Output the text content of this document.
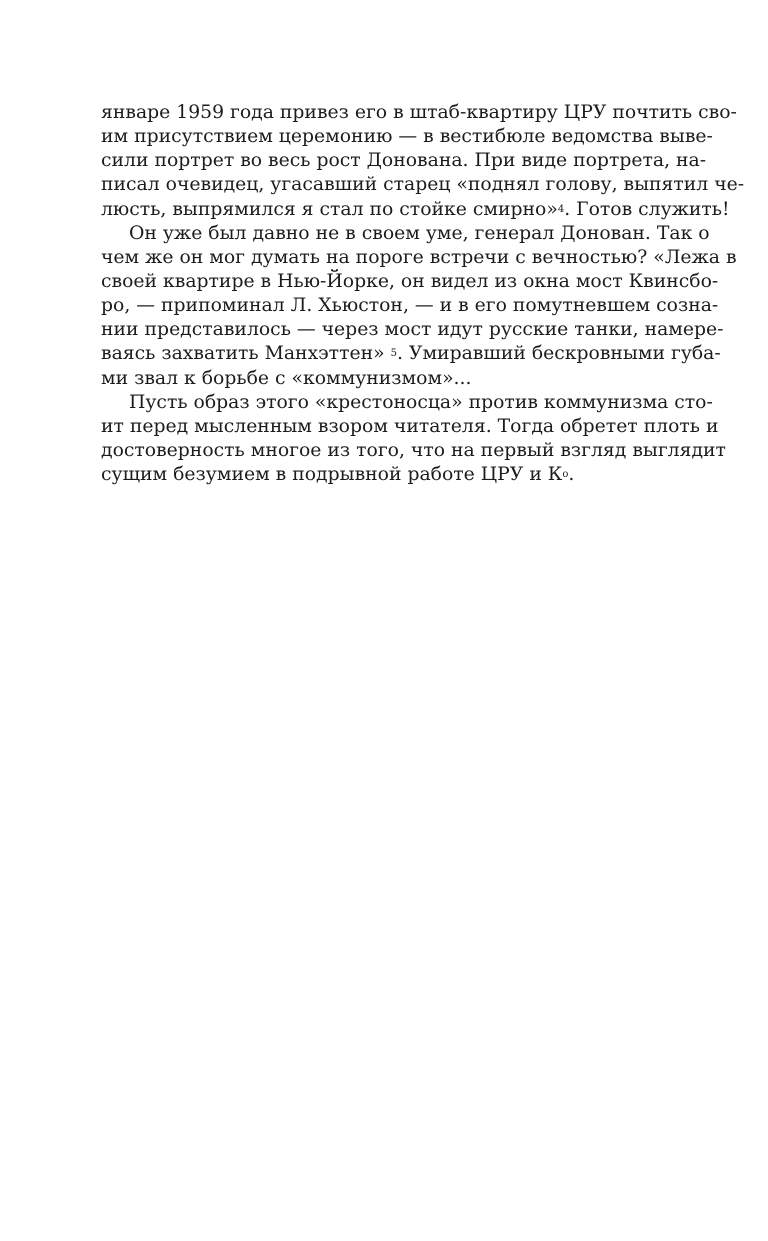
январе 1959 года привез его в штаб-квартиру ЦРУ почтить сво-
им присутствием церемонию — в вестибюле ведомства выве-
сили портрет во весь рост Донована. При виде портрета, на-
писал очевидец, угасавший старец «поднял голову, выпятил че-
люсть, выпрямился я стал по стойке смирно»$^4$. Готов служить!
Он уже был давно не в своем уме, генерал Донован. Так о
чем же он мог думать на пороге встречи с вечностью? «Лежа в
своей квартире в Нью-Йорке, он видел из окна мост Квинсбо-
ро, — припоминал Л. Хьюстон, — и в его помутневшем созна-
нии представилось — через мост идут русские танки, намере-
ваясь захватить Манхэттен» $^5$. Умиравший бескровными губа-
ми звал к борьбе с «коммунизмом»...
Пусть образ этого «крестоносца» против коммунизма сто-
ит перед мысленным взором читателя. Тогда обретет плоть и
достоверность многое из того, что на первый взгляд выглядит
сущим безумием в подрывной работе ЦРУ и $К^о$.
